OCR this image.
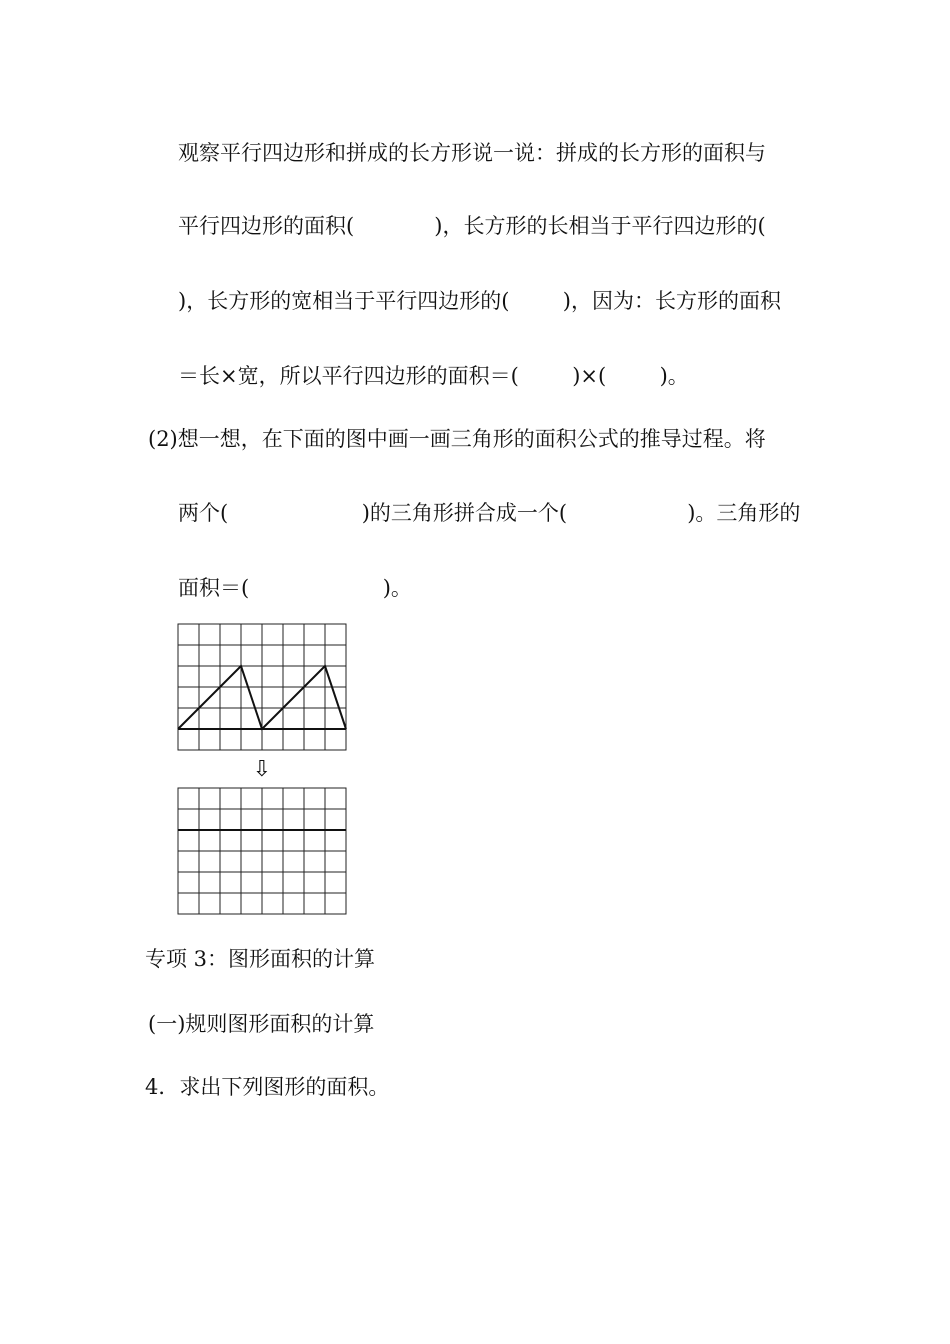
观察平行四边形和拼成的长方形说一说：拼成的长方形的面积与
平行四边形的面积(            )，长方形的长相当于平行四边形的(
)，长方形的宽相当于平行四边形的(        )，因为：长方形的面积
＝长×宽，所以平行四边形的面积＝(        )×(        )。
(2)想一想，在下面的图中画一画三角形的面积公式的推导过程。将
两个(                    )的三角形拼合成一个(                  )。三角形的
面积＝(                    )。
⇩
专项 3：图形面积的计算
(一)规则图形面积的计算
4．求出下列图形的面积。
